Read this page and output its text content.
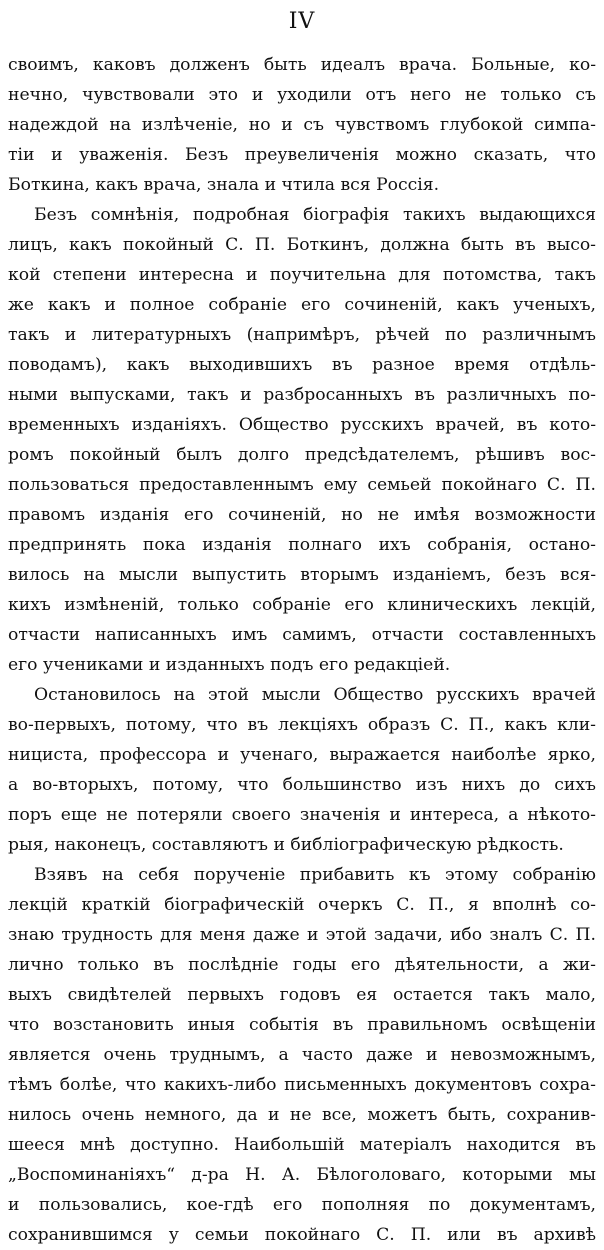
IV
своимъ, каковъ долженъ быть идеалъ врача. Больные, ко-
нечно, чувствовали это и уходили отъ него не только съ
надеждой на излѣченіе, но и съ чувствомъ глубокой симпа-
тіи и уваженія. Безъ преувеличенія можно сказать, что
Боткина, какъ врача, знала и чтила вся Россія.
Безъ сомнѣнія, подробная біографія такихъ выдающихся
лицъ, какъ покойный С. П. Боткинъ, должна быть въ высо-
кой степени интересна и поучительна для потомства, такъ
же какъ и полное собраніе его сочиненій, какъ ученыхъ,
такъ и литературныхъ (напримѣръ, рѣчей по различнымъ
поводамъ), какъ выходившихъ въ разное время отдѣль-
ными выпусками, такъ и разбросанныхъ въ различныхъ по-
временныхъ изданіяхъ. Общество русскихъ врачей, въ кото-
ромъ покойный былъ долго предсѣдателемъ, рѣшивъ вос-
пользоваться предоставленнымъ ему семьей покойнаго С. П.
правомъ изданія его сочиненій, но не имѣя возможности
предпринять пока изданія полнаго ихъ собранія, остано-
вилось на мысли выпустить вторымъ изданіемъ, безъ вся-
кихъ измѣненій, только собраніе его клиническихъ лекцій,
отчасти написанныхъ имъ самимъ, отчасти составленныхъ
его учениками и изданныхъ подъ его редакціей.
Остановилось на этой мысли Общество русскихъ врачей
во-первыхъ, потому, что въ лекціяхъ образъ С. П., какъ кли-
нициста, профессора и ученаго, выражается наиболѣе ярко,
а во-вторыхъ, потому, что большинство изъ нихъ до сихъ
поръ еще не потеряли своего значенія и интереса, а нѣкото-
рыя, наконецъ, составляютъ и библіографическую рѣдкость.
Взявъ на себя порученіе прибавить къ этому собранію
лекцій краткій біографическій очеркъ С. П., я вполнѣ со-
знаю трудность для меня даже и этой задачи, ибо зналъ С. П.
лично только въ послѣдніе годы его дѣятельности, а жи-
выхъ свидѣтелей первыхъ годовъ ея остается такъ мало,
что возстановить иныя событія въ правильномъ освѣщеніи
является очень труднымъ, а часто даже и невозможнымъ,
тѣмъ болѣе, что какихъ-либо письменныхъ документовъ сохра-
нилось очень немного, да и не все, можетъ быть, сохранив-
шееся мнѣ доступно. Наибольшій матеріалъ находится въ
„Воспоминаніяхъ“ д-ра Н. А. Бѣлоголоваго, которыми мы
и пользовались, кое-гдѣ его пополняя по документамъ,
сохранившимся у семьи покойнаго С. П. или въ архивѣ
